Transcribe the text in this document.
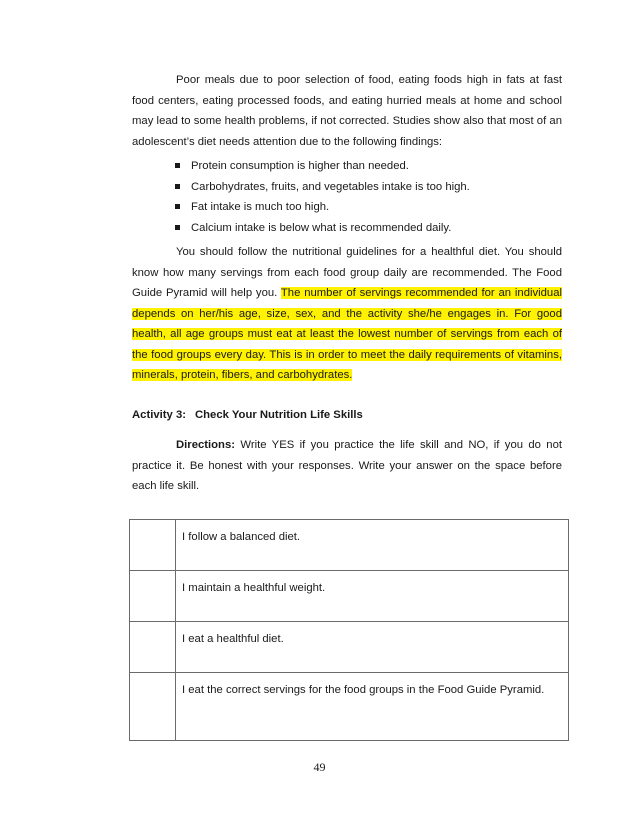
Poor meals due to poor selection of food, eating foods high in fats at fast food centers, eating processed foods, and eating hurried meals at home and school may lead to some health problems, if not corrected. Studies show also that most of an adolescent’s diet needs attention due to the following findings:

Protein consumption is higher than needed.
Carbohydrates, fruits, and vegetables intake is too high.
Fat intake is much too high.
Calcium intake is below what is recommended daily.

You should follow the nutritional guidelines for a healthful diet. You should know how many servings from each food group daily are recommended. The Food Guide Pyramid will help you. The number of servings recommended for an individual depends on her/his age, size, sex, and the activity she/he engages in. For good health, all age groups must eat at least the lowest number of servings from each of the food groups every day. This is in order to meet the daily requirements of vitamins, minerals, protein, fibers, and carbohydrates.

Activity 3: Check Your Nutrition Life Skills

Directions: Write YES if you practice the life skill and NO, if you do not practice it. Be honest with your responses. Write your answer on the space before each life skill.

	I follow a balanced diet.
	I maintain a healthful weight.
	I eat a healthful diet.
	I eat the correct servings for the food groups in the Food Guide Pyramid.
49
